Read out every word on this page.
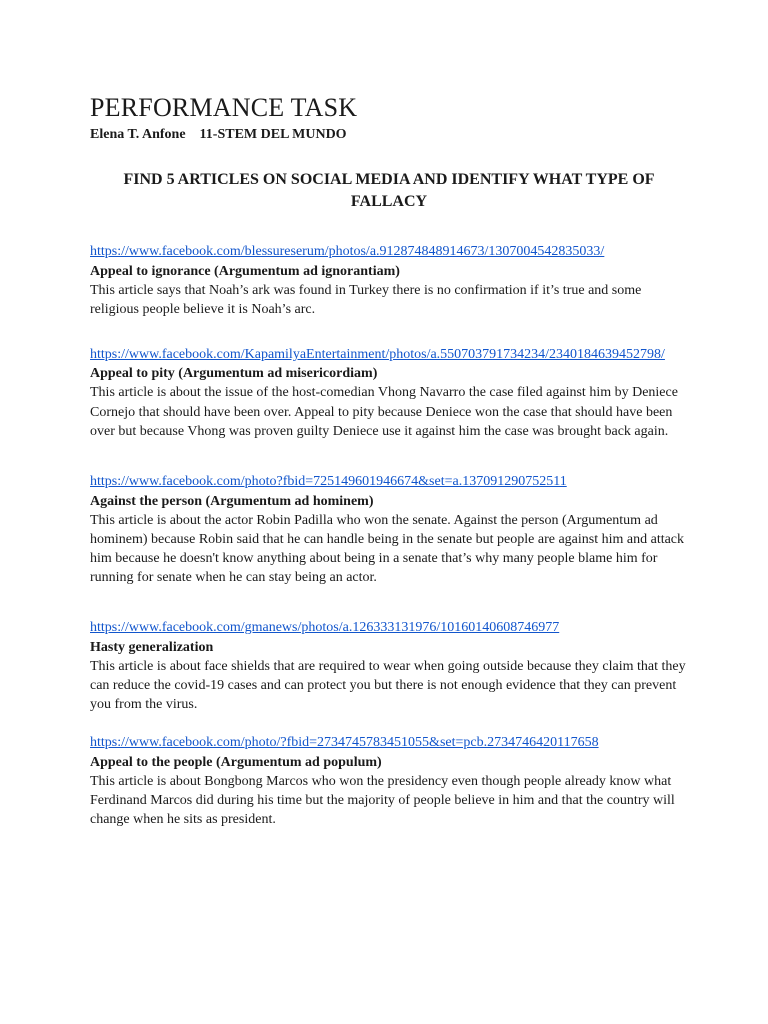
PERFORMANCE TASK
Elena T. Anfone    11-STEM DEL MUNDO
FIND 5 ARTICLES ON SOCIAL MEDIA AND IDENTIFY WHAT TYPE OF FALLACY
https://www.facebook.com/blessureserum/photos/a.912874848914673/1307004542835033/
Appeal to ignorance (Argumentum ad ignorantiam)

This article says that Noah’s ark was found in Turkey there is no confirmation if it’s true and some religious people believe it is Noah’s arc.

https://www.facebook.com/KapamilyaEntertainment/photos/a.550703791734234/2340184639452798/
Appeal to pity (Argumentum ad misericordiam)

This article is about the issue of the host-comedian Vhong Navarro the case filed against him by Deniece Cornejo that should have been over. Appeal to pity because Deniece won the case that should have been over but because Vhong was proven guilty Deniece use it against him the case was brought back again.

https://www.facebook.com/photo?fbid=725149601946674&set=a.137091290752511
Against the person (Argumentum ad hominem)

This article is about the actor Robin Padilla who won the senate. Against the person (Argumentum ad hominem) because Robin said that he can handle being in the senate but people are against him and attack him because he doesn't know anything about being in a senate that’s why many people blame him for running for senate when he can stay being an actor.

https://www.facebook.com/gmanews/photos/a.126333131976/10160140608746977
Hasty generalization

This article is about face shields that are required to wear when going outside because they claim that they can reduce the covid-19 cases and can protect you but there is not enough evidence that they can prevent you from the virus.

https://www.facebook.com/photo/?fbid=2734745783451055&set=pcb.2734746420117658
Appeal to the people (Argumentum ad populum)

This article is about Bongbong Marcos who won the presidency even though people already know what Ferdinand Marcos did during his time but the majority of people believe in him and that the country will change when he sits as president.
